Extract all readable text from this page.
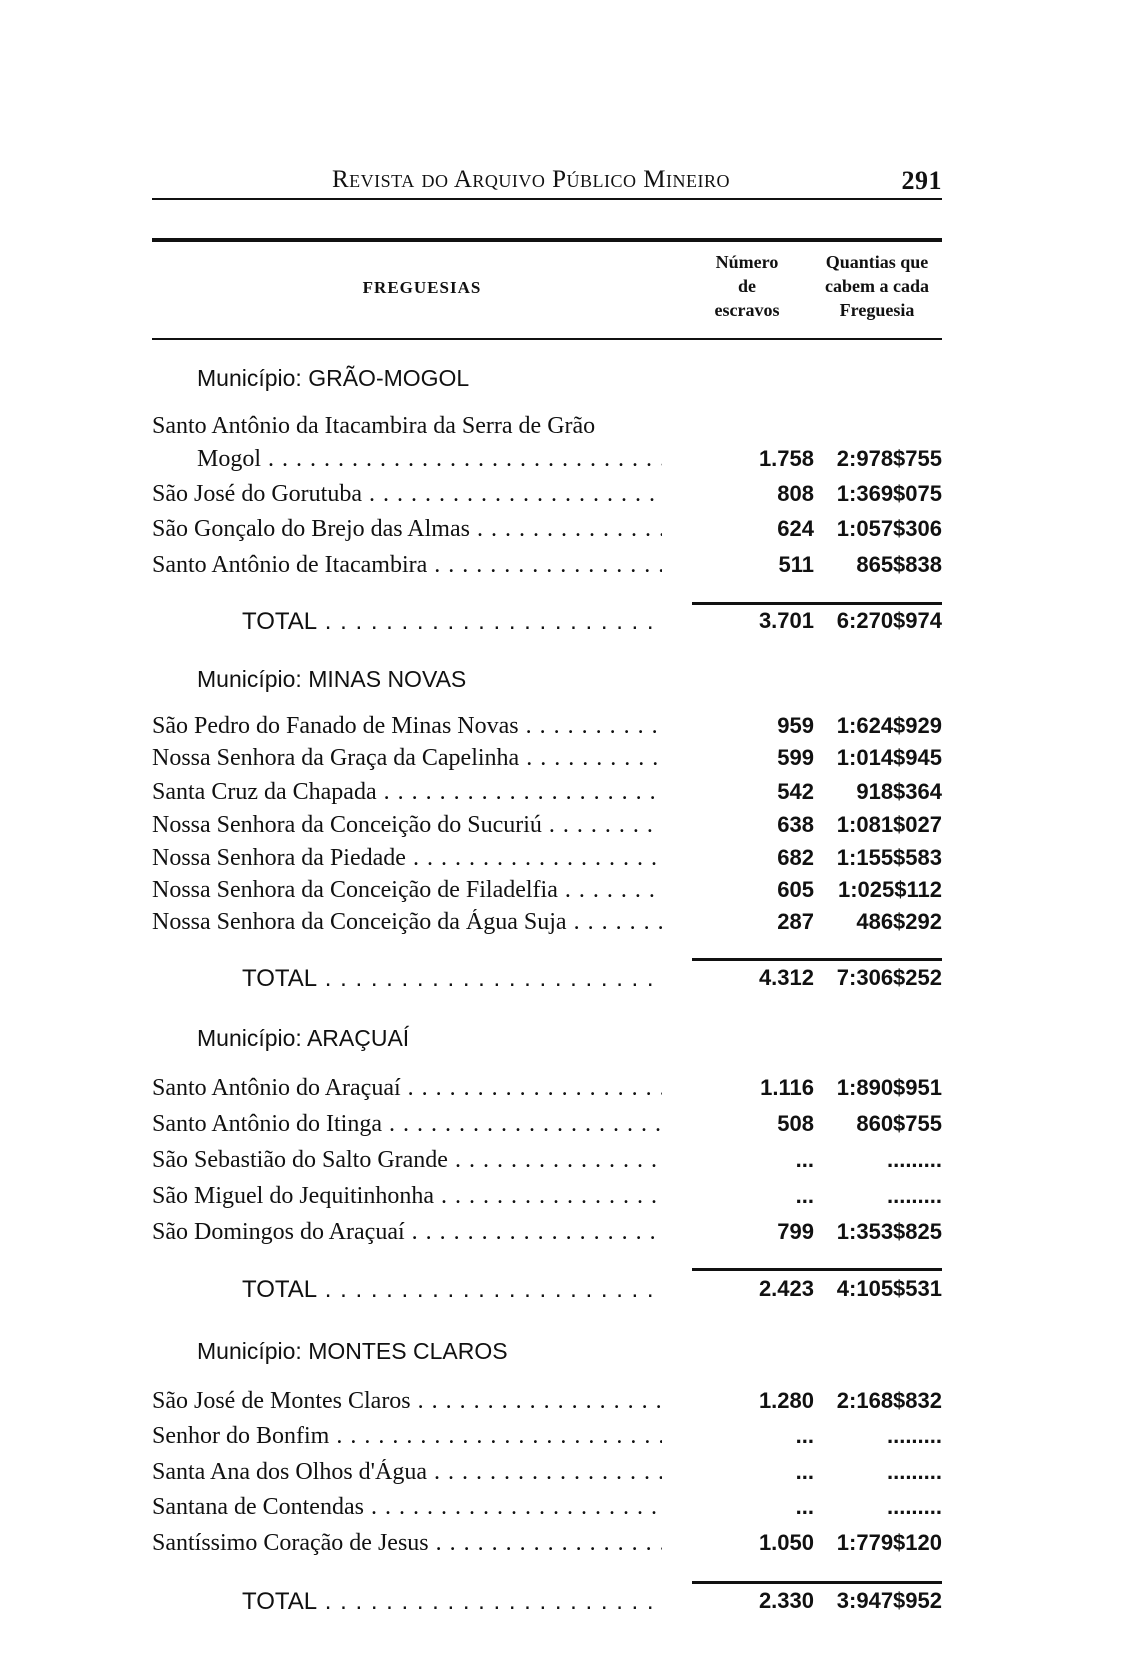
Revista do Arquivo Público Mineiro	291
FREGUESIAS
Número
de
escravos
Quantias que
cabem a cada
Freguesia
Município: GRÃO-MOGOL
Santo Antônio da Itacambira da Serra de Grão
Mogol . . .	1.758 2:978$755
São José do Gorutuba . . .	808 1:369$075
São Gonçalo do Brejo das Almas . . .	624 1:057$306
Santo Antônio de Itacambira . . .	511 865$838
TOTAL . . .	3.701 6:270$974
Município: MINAS NOVAS
São Pedro do Fanado de Minas Novas . . .	959 1:624$929
Nossa Senhora da Graça da Capelinha . . .	599 1:014$945
Santa Cruz da Chapada . . .	542 918$364
Nossa Senhora da Conceição do Sucuriú . . .	638 1:081$027
Nossa Senhora da Piedade . . .	682 1:155$583
Nossa Senhora da Conceição de Filadelfia . . .	605 1:025$112
Nossa Senhora da Conceição da Água Suja . . .	287 486$292
TOTAL . . .	4.312 7:306$252
Município: ARAÇUAÍ
Santo Antônio do Araçuaí . . .	1.116 1:890$951
Santo Antônio do Itinga . . .	508 860$755
São Sebastião do Salto Grande . . .	...	.........
São Miguel do Jequitinhonha . . .	...	.........
São Domingos do Araçuaí . . .	799 1:353$825
TOTAL . . .	2.423 4:105$531
Município: MONTES CLAROS
São José de Montes Claros . . .	1.280 2:168$832
Senhor do Bonfim . . .	...	.........
Santa Ana dos Olhos d'Água . . .	...	.........
Santana de Contendas . . .	...	.........
Santíssimo Coração de Jesus . . .	1.050 1:779$120
TOTAL . . .	2.330 3:947$952
